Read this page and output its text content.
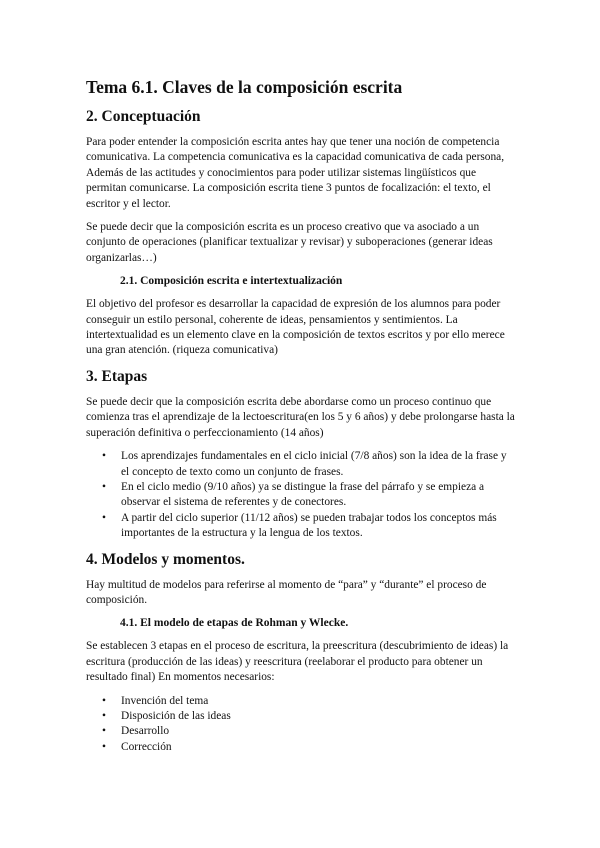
Tema 6.1. Claves de la composición escrita
2. Conceptuación

Para poder entender la composición escrita antes hay que tener una noción de competencia comunicativa. La competencia comunicativa es la capacidad comunicativa de cada persona, Además de las actitudes y conocimientos para poder utilizar sistemas lingüísticos que permitan comunicarse. La composición escrita tiene 3 puntos de focalización: el texto, el escritor y el lector.

Se puede decir que la composición escrita es un proceso creativo que va asociado a un conjunto de operaciones (planificar textualizar y revisar) y suboperaciones (generar ideas organizarlas…)

2.1. Composición escrita e intertextualización

El objetivo del profesor es desarrollar la capacidad de expresión de los alumnos para poder conseguir un estilo personal, coherente de ideas, pensamientos y sentimientos. La intertextualidad es un elemento clave en la composición de textos escritos y por ello merece una gran atención. (riqueza comunicativa)

3. Etapas

Se puede decir que la composición escrita debe abordarse como un proceso continuo que comienza tras el aprendizaje de la lectoescritura(en los 5 y 6 años) y debe prolongarse hasta la superación definitiva o perfeccionamiento (14 años)

• Los aprendizajes fundamentales en el ciclo inicial (7/8 años) son la idea de la frase y el concepto de texto como un conjunto de frases.
• En el ciclo medio (9/10 años) ya se distingue la frase del párrafo y se empieza a observar el sistema de referentes y de conectores.
• A partir del ciclo superior (11/12 años) se pueden trabajar todos los conceptos más importantes de la estructura y la lengua de los textos.
4. Modelos y momentos.

Hay multitud de modelos para referirse al momento de “para” y “durante” el proceso de composición.

4.1. El modelo de etapas de Rohman y Wlecke.

Se establecen 3 etapas en el proceso de escritura, la preescritura (descubrimiento de ideas) la escritura (producción de las ideas) y reescritura (reelaborar el producto para obtener un resultado final) En momentos necesarios:

• Invención del tema
• Disposición de las ideas
• Desarrollo
• Corrección
